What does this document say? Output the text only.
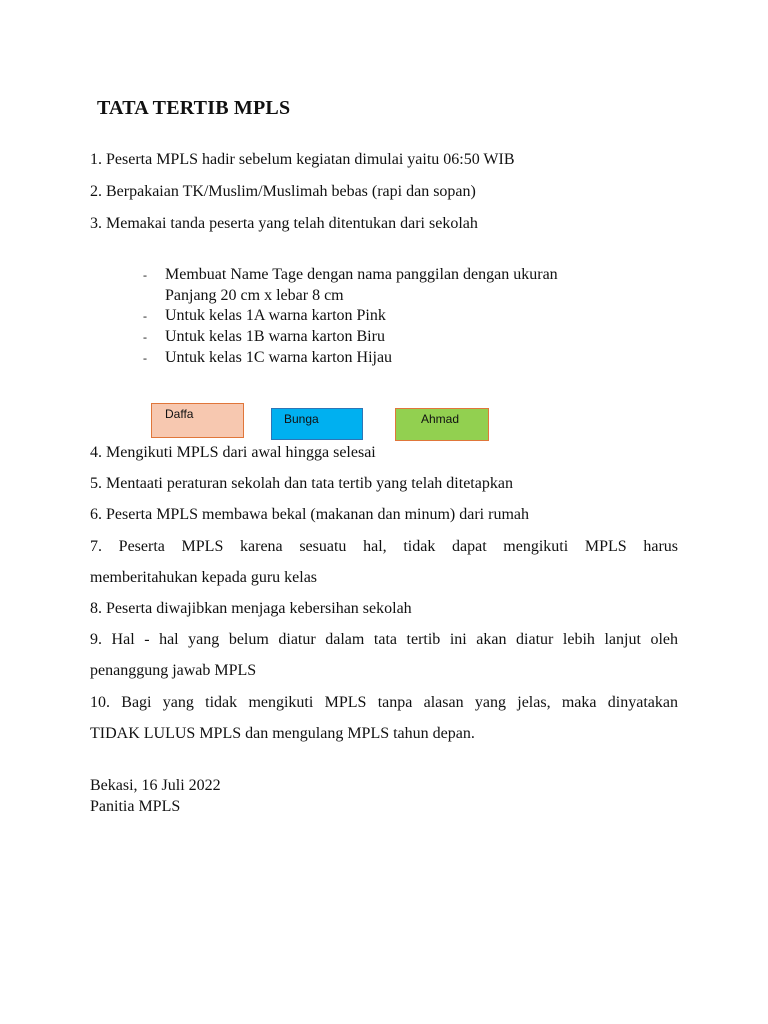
TATA TERTIB MPLS
1. Peserta MPLS hadir sebelum kegiatan dimulai yaitu 06:50 WIB
2. Berpakaian TK/Muslim/Muslimah bebas (rapi dan sopan)
3. Memakai tanda peserta yang telah ditentukan dari sekolah
- Membuat Name Tage dengan nama panggilan dengan ukuran
Panjang 20 cm x lebar 8 cm
- Untuk kelas 1A warna karton Pink
- Untuk kelas 1B warna karton Biru
- Untuk kelas 1C warna karton Hijau
Daffa	Bunga	Ahmad
4. Mengikuti MPLS dari awal hingga selesai
5. Mentaati peraturan sekolah dan tata tertib yang telah ditetapkan
6. Peserta MPLS membawa bekal (makanan dan minum) dari rumah
7. Peserta MPLS karena sesuatu hal, tidak dapat mengikuti MPLS harus
memberitahukan kepada guru kelas
8. Peserta diwajibkan menjaga kebersihan sekolah
9. Hal - hal yang belum diatur dalam tata tertib ini akan diatur lebih lanjut oleh
penanggung jawab MPLS
10. Bagi yang tidak mengikuti MPLS tanpa alasan yang jelas, maka dinyatakan
TIDAK LULUS MPLS dan mengulang MPLS tahun depan.
Bekasi, 16 Juli 2022
Panitia MPLS
